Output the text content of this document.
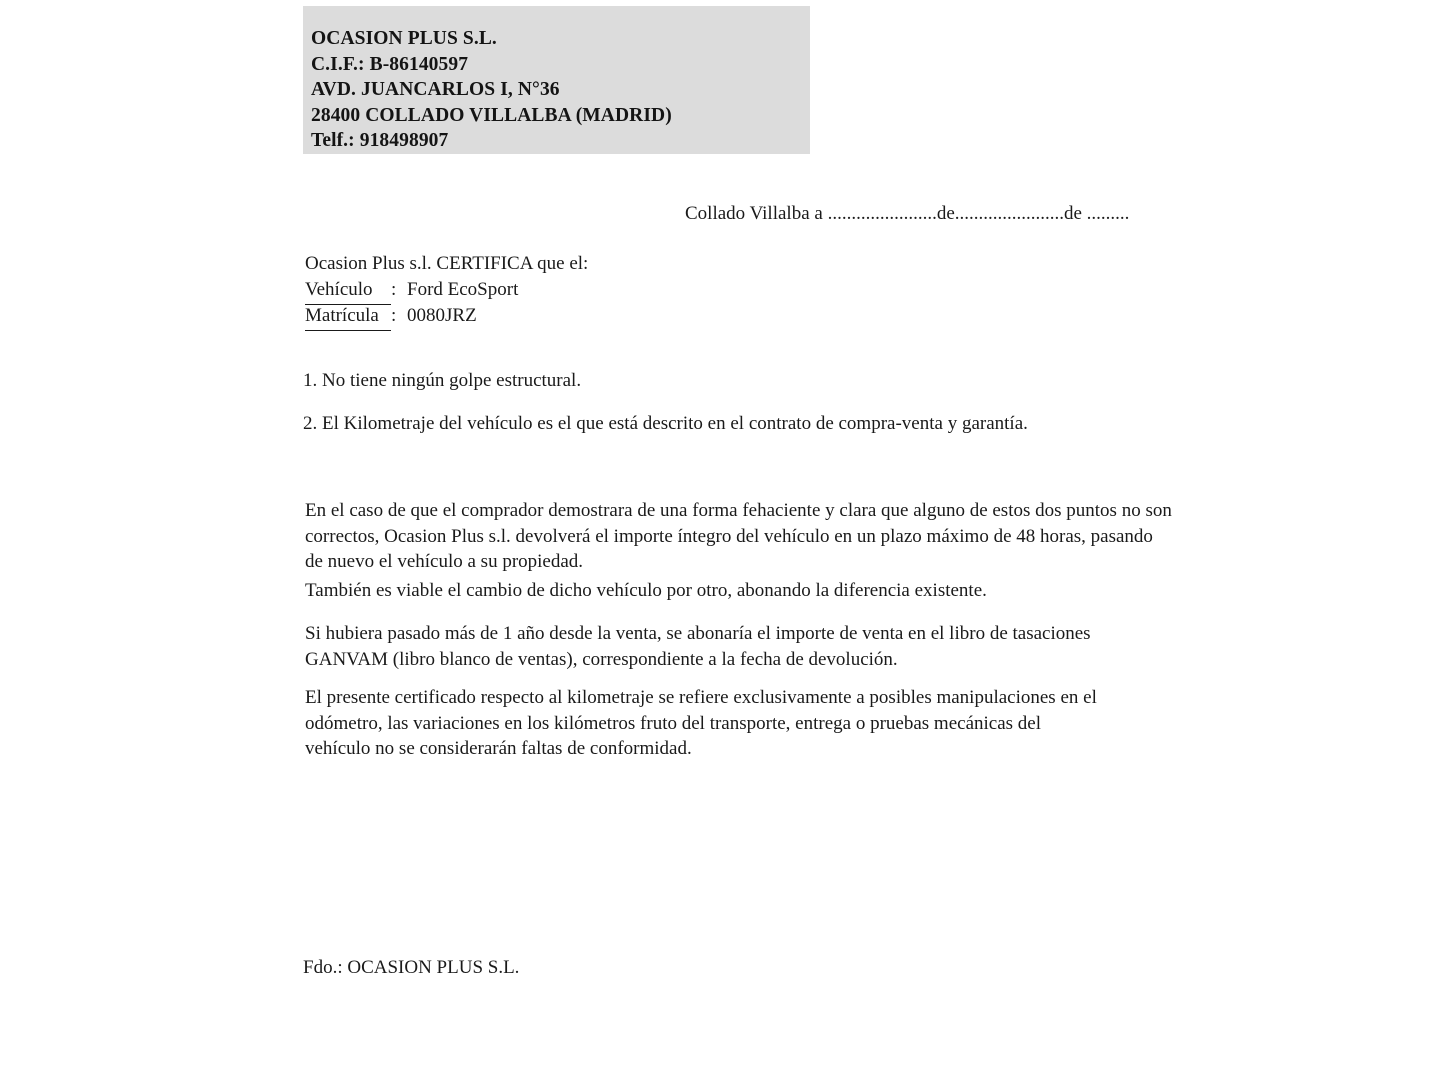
OCASION PLUS S.L.
C.I.F.: B-86140597
AVD. JUANCARLOS I, N°36
28400 COLLADO VILLALBA (MADRID)
Telf.: 918498907
Collado Villalba a .......................de.......................de .........
Ocasion Plus s.l. CERTIFICA que el:
Vehículo : Ford EcoSport
Matrícula : 0080JRZ
1. No tiene ningún golpe estructural.
2. El Kilometraje del vehículo es el que está descrito en el contrato de compra-venta y garantía.
En el caso de que el comprador demostrara de una forma fehaciente y clara que alguno de estos dos puntos no son correctos, Ocasion Plus s.l. devolverá el importe íntegro del vehículo en un plazo máximo de 48 horas, pasando de nuevo el vehículo a su propiedad.
También es viable el cambio de dicho vehículo por otro, abonando la diferencia existente.
Si hubiera pasado más de 1 año desde la venta, se abonaría el importe de venta en el libro de tasaciones GANVAM (libro blanco de ventas), correspondiente a la fecha de devolución.
El presente certificado respecto al kilometraje se refiere exclusivamente a posibles manipulaciones en el odómetro, las variaciones en los kilómetros fruto del transporte, entrega o pruebas mecánicas del vehículo no se considerarán faltas de conformidad.
Fdo.: OCASION PLUS S.L.
